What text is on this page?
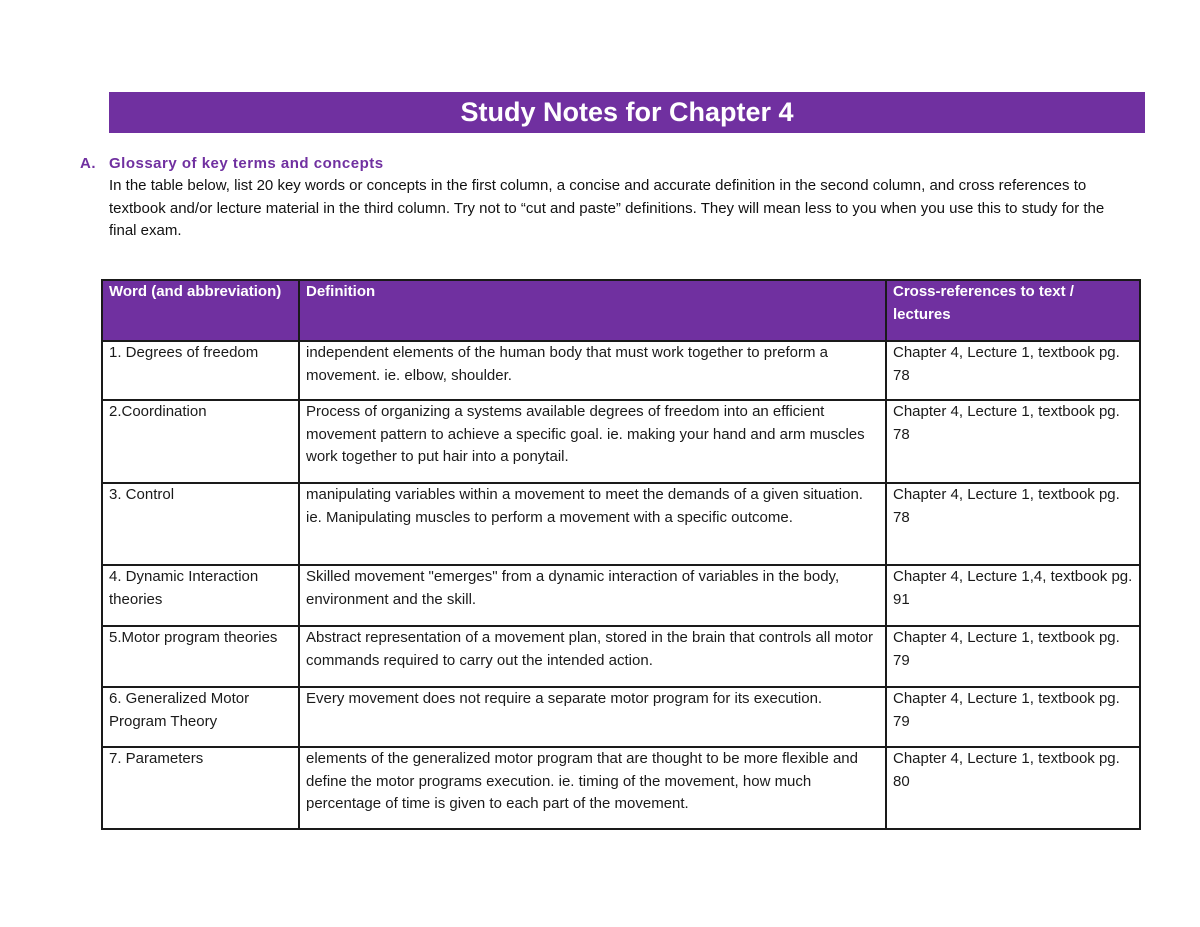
Study Notes for Chapter 4
A. Glossary of key terms and concepts
In the table below, list 20 key words or concepts in the first column, a concise and accurate definition in the second column, and cross references to textbook and/or lecture material in the third column. Try not to “cut and paste” definitions. They will mean less to you when you use this to study for the final exam.
Word (and abbreviation)	Definition	Cross-references to text / lectures
1. Degrees of freedom	independent elements of the human body that must work together to preform a movement. ie. elbow, shoulder.	Chapter 4, Lecture 1, textbook pg. 78
2.Coordination	Process of organizing a systems available degrees of freedom into an efficient movement pattern to achieve a specific goal. ie. making your hand and arm muscles work together to put hair into a ponytail.	Chapter 4, Lecture 1, textbook pg. 78
3. Control	manipulating variables within a movement to meet the demands of a given situation. ie. Manipulating muscles to perform a movement with a specific outcome.	Chapter 4, Lecture 1, textbook pg. 78
4. Dynamic Interaction theories	Skilled movement "emerges" from a dynamic interaction of variables in the body, environment and the skill.	Chapter 4, Lecture 1,4, textbook pg. 91
5.Motor program theories	Abstract representation of a movement plan, stored in the brain that controls all motor commands required to carry out the intended action.	Chapter 4, Lecture 1, textbook pg. 79
6. Generalized Motor Program Theory	Every movement does not require a separate motor program for its execution.	Chapter 4, Lecture 1, textbook pg. 79
7. Parameters	elements of the generalized motor program that are thought to be more flexible and define the motor programs execution. ie. timing of the movement, how much percentage of time is given to each part of the movement.	Chapter 4, Lecture 1, textbook pg. 80
